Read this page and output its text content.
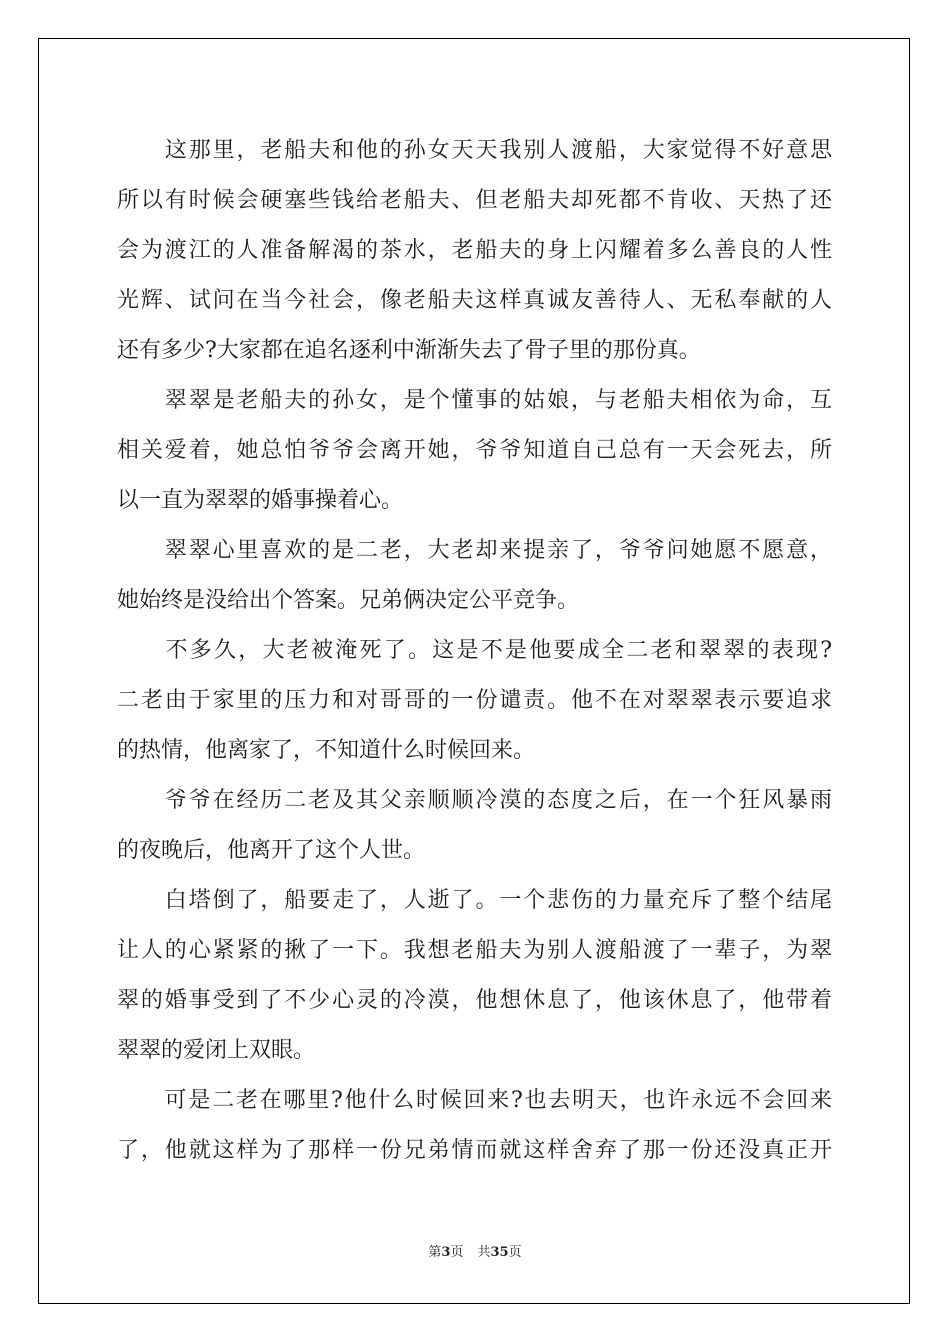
　　这那里，老船夫和他的孙女天天我别人渡船，大家觉得不好意思
所以有时候会硬塞些钱给老船夫、但老船夫却死都不肯收、天热了还
会为渡江的人准备解渴的茶水，老船夫的身上闪耀着多么善良的人性
光辉、试问在当今社会，像老船夫这样真诚友善待人、无私奉献的人
还有多少?大家都在追名逐利中渐渐失去了骨子里的那份真。
　　翠翠是老船夫的孙女，是个懂事的姑娘，与老船夫相依为命，互
相关爱着，她总怕爷爷会离开她，爷爷知道自己总有一天会死去，所
以一直为翠翠的婚事操着心。
　　翠翠心里喜欢的是二老，大老却来提亲了，爷爷问她愿不愿意，
她始终是没给出个答案。兄弟俩决定公平竞争。
　　不多久，大老被淹死了。这是不是他要成全二老和翠翠的表现?
二老由于家里的压力和对哥哥的一份谴责。他不在对翠翠表示要追求
的热情，他离家了，不知道什么时候回来。
　　爷爷在经历二老及其父亲顺顺冷漠的态度之后，在一个狂风暴雨
的夜晚后，他离开了这个人世。
　　白塔倒了，船要走了，人逝了。一个悲伤的力量充斥了整个结尾
让人的心紧紧的揪了一下。我想老船夫为别人渡船渡了一辈子，为翠
翠的婚事受到了不少心灵的冷漠，他想休息了，他该休息了，他带着
翠翠的爱闭上双眼。
　　可是二老在哪里?他什么时候回来?也去明天，也许永远不会回来
了，他就这样为了那样一份兄弟情而就这样舍弃了那一份还没真正开
第3页 共35页
